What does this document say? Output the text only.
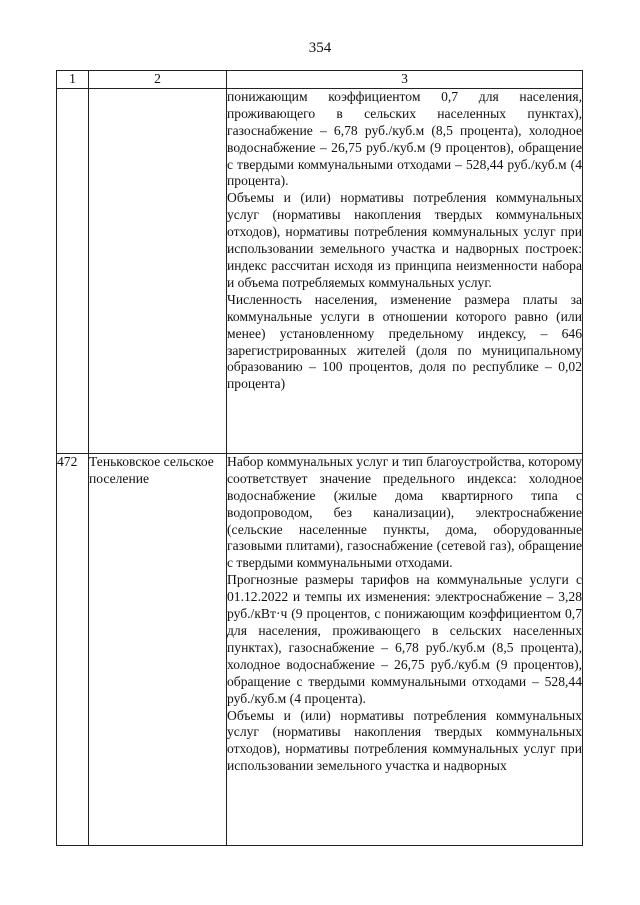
354
1	2	3

		понижающим коэффициентом 0,7 для населения, проживающего в сельских населенных пунктах), газоснабжение – 6,78 руб./куб.м (8,5 процента), холодное водоснабжение – 26,75 руб./куб.м (9 процентов), обращение с твердыми коммунальными отходами – 528,44 руб./куб.м (4 процента).

Объемы и (или) нормативы потребления коммунальных услуг (нормативы накопления твердых коммунальных отходов), нормативы потребления коммунальных услуг при использовании земельного участка и надворных построек: индекс рассчитан исходя из принципа неизменности набора и объема потребляемых коммунальных услуг.

Численность населения, изменение размера платы за коммунальные услуги в отношении которого равно (или менее) установленному предельному индексу, – 646 зарегистрированных жителей (доля по муниципальному образованию – 100 процентов, доля по республике – 0,02 процента)

472	Теньковское сельское поселение	Набор коммунальных услуг и тип благоустройства, которому соответствует значение предельного индекса: холодное водоснабжение (жилые дома квартирного типа с водопроводом, без канализации), электроснабжение (сельские населенные пункты, дома, оборудованные газовыми плитами), газоснабжение (сетевой газ), обращение с твердыми коммунальными отходами.

Прогнозные размеры тарифов на коммунальные услуги с 01.12.2022 и темпы их изменения: электроснабжение – 3,28 руб./кВт·ч (9 процентов, с понижающим коэффициентом 0,7 для населения, проживающего в сельских населенных пунктах), газоснабжение – 6,78 руб./куб.м (8,5 процента), холодное водоснабжение – 26,75 руб./куб.м (9 процентов), обращение с твердыми коммунальными отходами – 528,44 руб./куб.м (4 процента).

Объемы и (или) нормативы потребления коммунальных услуг (нормативы накопления твердых коммунальных отходов), нормативы потребления коммунальных услуг при использовании земельного участка и надворных
